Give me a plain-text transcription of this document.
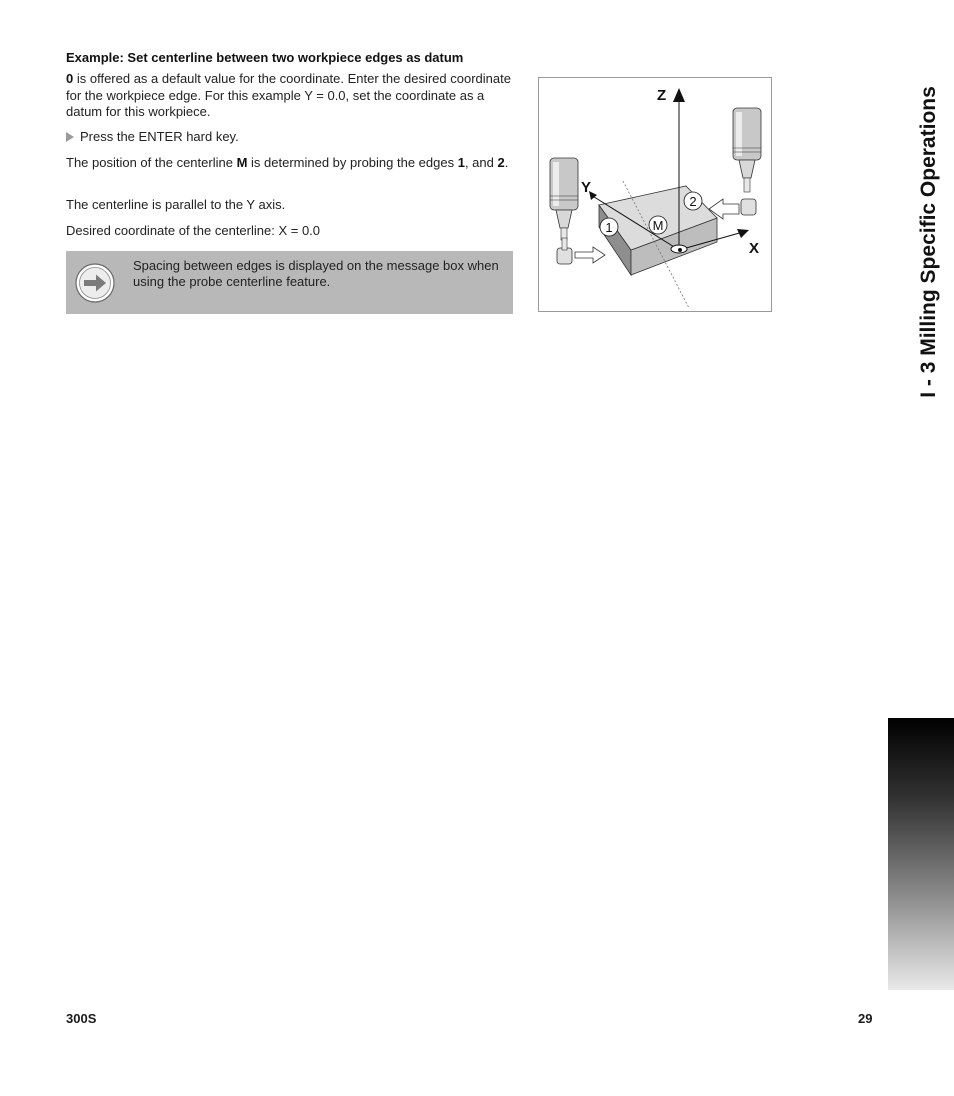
Example: Set centerline between two workpiece edges as datum
0 is offered as a default value for the coordinate. Enter the desired coordinate for the workpiece edge. For this example Y = 0.0, set the coordinate as a datum for this workpiece.
Press the ENTER hard key.
The position of the centerline M is determined by probing the edges 1, and 2.
The centerline is parallel to the Y axis.
Desired coordinate of the centerline: X = 0.0
Spacing between edges is displayed on the message box when using the probe centerline feature.
Z
Y
X
1
2
M	I - 3 Milling Specific Operations
300S	29
